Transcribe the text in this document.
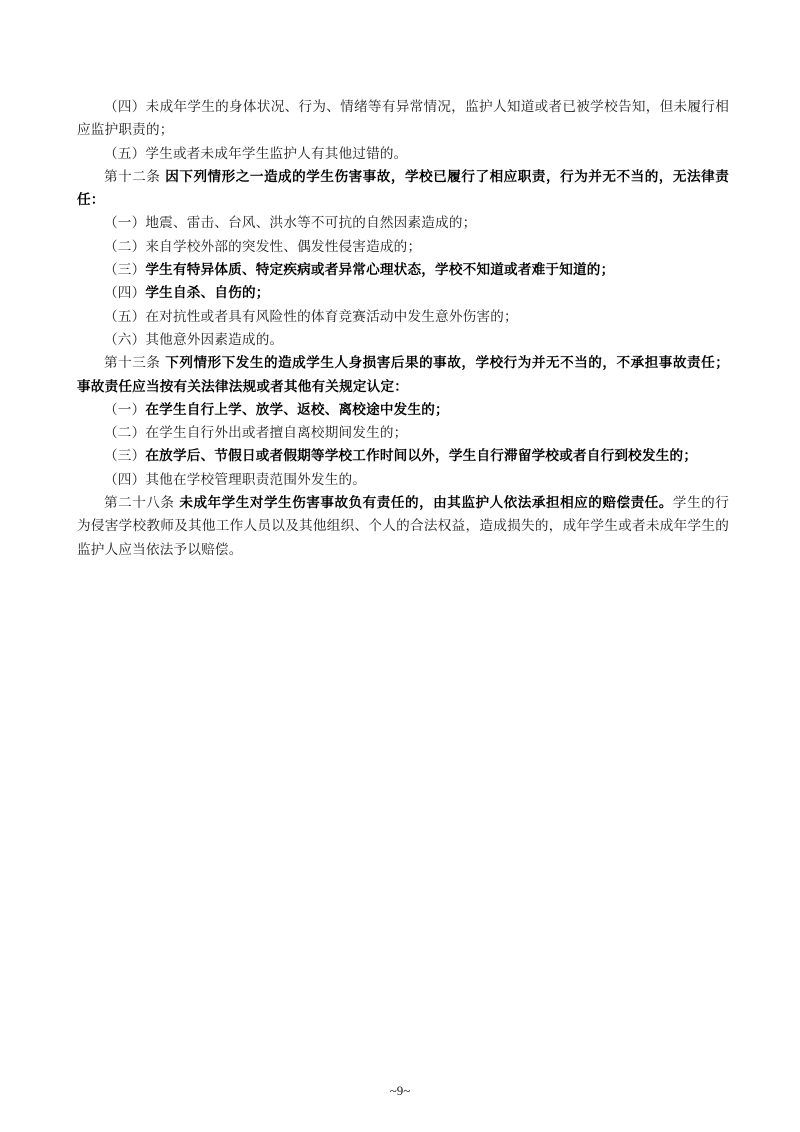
（四）未成年学生的身体状况、行为、情绪等有异常情况，监护人知道或者已被学校告知，但未履行相应监护职责的；

（五）学生或者未成年学生监护人有其他过错的。

第十二条 因下列情形之一造成的学生伤害事故，学校已履行了相应职责，行为并无不当的，无法律责任：

（一）地震、雷击、台风、洪水等不可抗的自然因素造成的；

（二）来自学校外部的突发性、偶发性侵害造成的；

（三）学生有特异体质、特定疾病或者异常心理状态，学校不知道或者难于知道的；

（四）学生自杀、自伤的；

（五）在对抗性或者具有风险性的体育竞赛活动中发生意外伤害的；

（六）其他意外因素造成的。

第十三条 下列情形下发生的造成学生人身损害后果的事故，学校行为并无不当的，不承担事故责任；事故责任应当按有关法律法规或者其他有关规定认定：

（一）在学生自行上学、放学、返校、离校途中发生的；

（二）在学生自行外出或者擅自离校期间发生的；

（三）在放学后、节假日或者假期等学校工作时间以外，学生自行滞留学校或者自行到校发生的；

（四）其他在学校管理职责范围外发生的。

第二十八条 未成年学生对学生伤害事故负有责任的，由其监护人依法承担相应的赔偿责任。学生的行为侵害学校教师及其他工作人员以及其他组织、个人的合法权益，造成损失的，成年学生或者未成年学生的监护人应当依法予以赔偿。

~9~
